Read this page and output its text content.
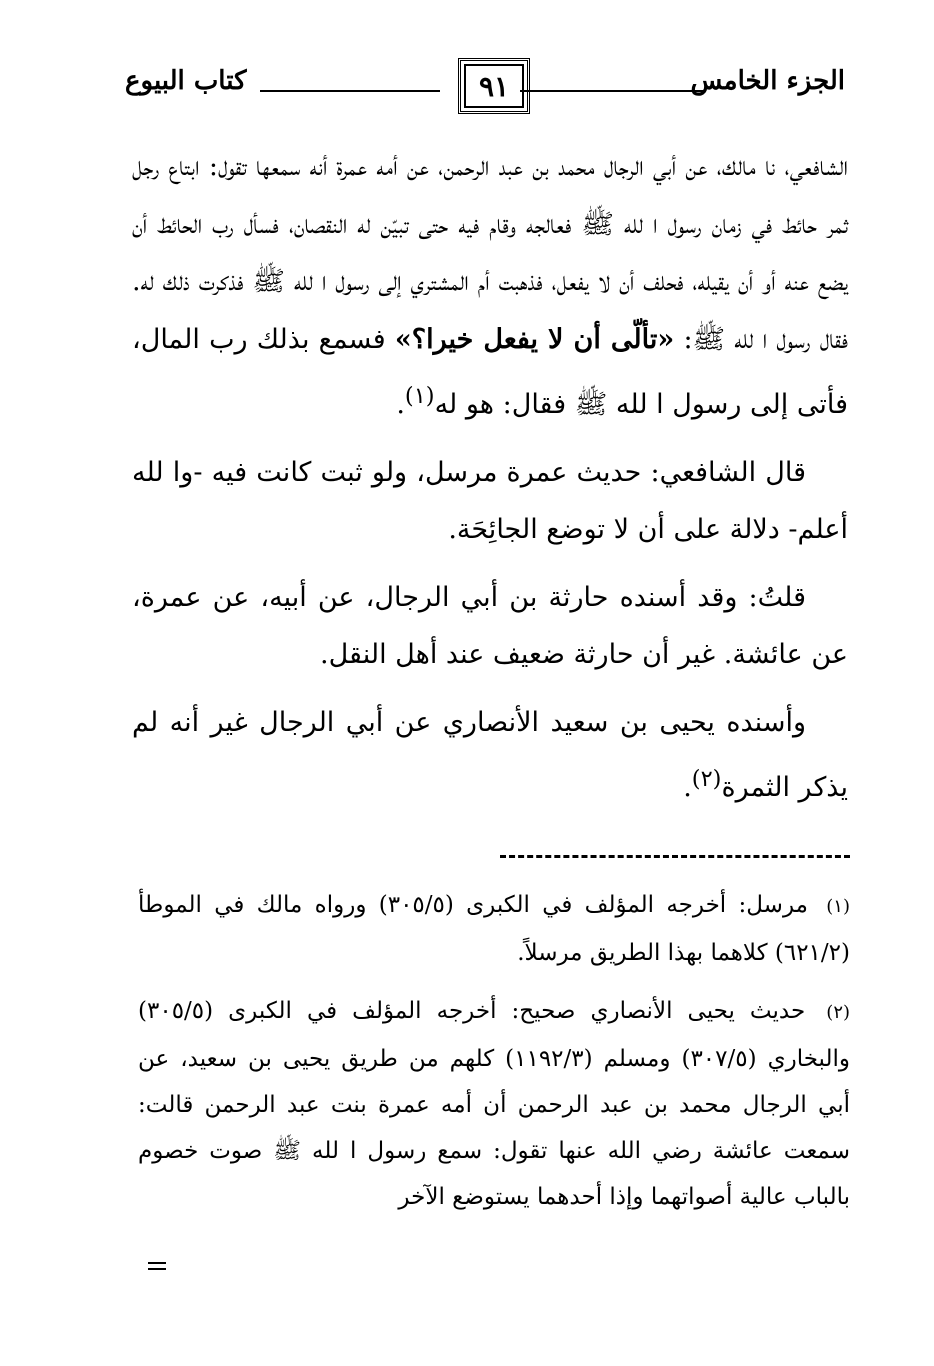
كتاب البيوع	٩١	الجزء الخامس

الشافعي، نا مالك، عن أبي الرجال محمد بن عبد الرحمن، عن أمه عمرة أنه سمعها تقول: ابتاع رجل ثمر حائط في زمان رسول ا لله ﷺ فعالجه وقام فيه حتى تبيّن له النقصان، فسأل رب الحائط أن يضع عنه أو أن يقيله، فحلف أن لا يفعل، فذهبت أم المشتري إلى رسول ا لله ﷺ فذكرت ذلك له. فقال رسول ا لله ﷺ: «تألّى أن لا يفعل خيرا؟» فسمع بذلك رب المال، فأتى إلى رسول ا لله ﷺ فقال: هو له$^{(١)}$.

قال الشافعي: حديث عمرة مرسل، ولو ثبت كانت فيه -وا لله أعلم- دلالة على أن لا توضع الجائِحَة.

قلتُ: وقد أسنده حارثة بن أبي الرجال، عن أبيه، عن عمرة، عن عائشة. غير أن حارثة ضعيف عند أهل النقل.

وأسنده يحيى بن سعيد الأنصاري عن أبي الرجال غير أنه لم يذكر الثمرة$^{(٢)}$.

(١) مرسل: أخرجه المؤلف في الكبرى (٣٠٥/٥) ورواه مالك في الموطأ (٦٢١/٢) كلاهما بهذا الطريق مرسلاً.

(٢) حديث يحيى الأنصاري صحيح: أخرجه المؤلف في الكبرى (٣٠٥/٥) والبخاري (٣٠٧/٥) ومسلم (١١٩٢/٣) كلهم من طريق يحيى بن سعيد، عن أبي الرجال محمد بن عبد الرحمن أن أمه عمرة بنت عبد الرحمن قالت: سمعت عائشة رضي الله عنها تقول: سمع رسول ا لله ﷺ صوت خصوم بالباب عالية أصواتهما وإذا أحدهما يستوضع الآخر
